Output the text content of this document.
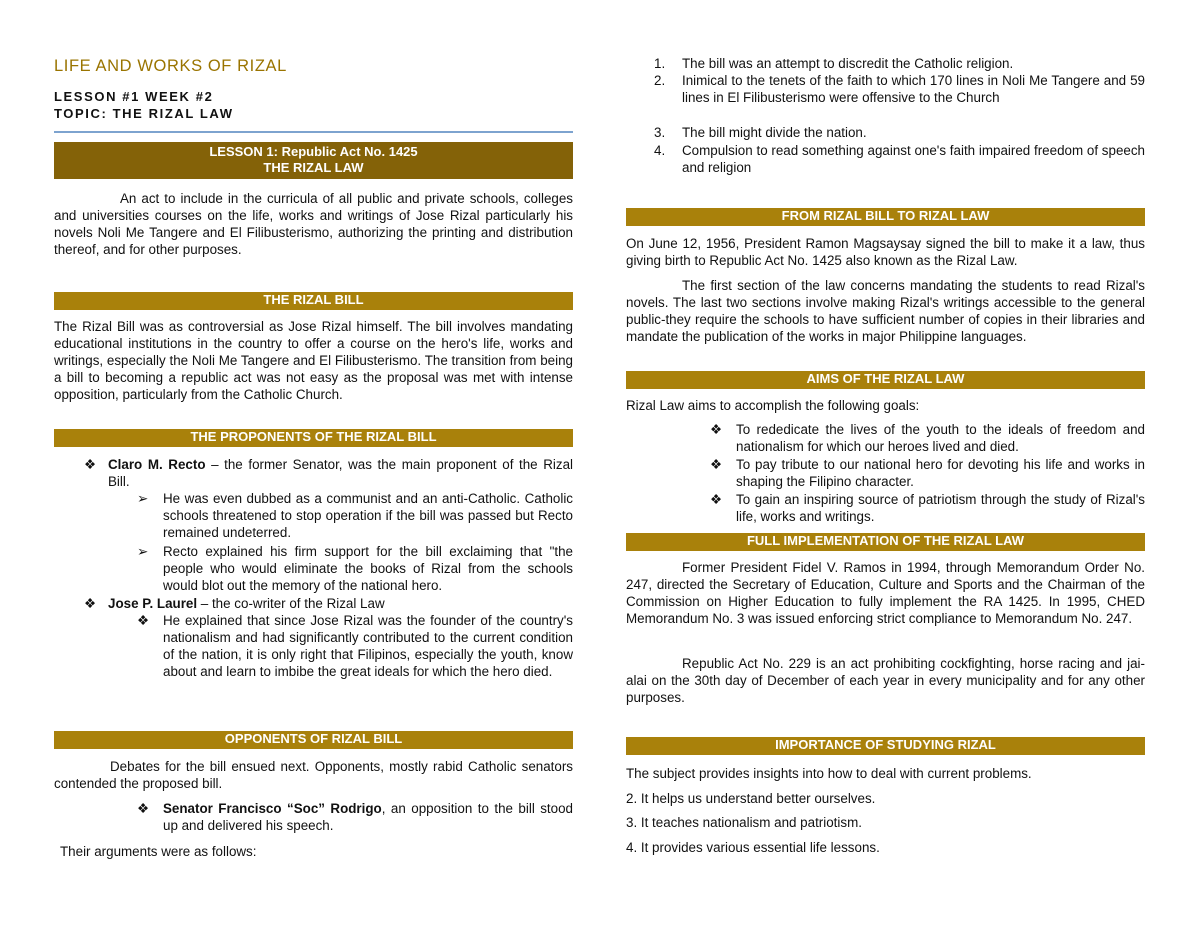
LIFE AND WORKS OF RIZAL
LESSON #1 WEEK #2
TOPIC: THE RIZAL LAW
LESSON 1: Republic Act No. 1425
THE RIZAL LAW
An act to include in the curricula of all public and private schools, colleges and universities courses on the life, works and writings of Jose Rizal particularly his novels Noli Me Tangere and El Filibusterismo, authorizing the printing and distribution thereof, and for other purposes.
THE RIZAL BILL
The Rizal Bill was as controversial as Jose Rizal himself. The bill involves mandating educational institutions in the country to offer a course on the hero's life, works and writings, especially the Noli Me Tangere and El Filibusterismo. The transition from being a bill to becoming a republic act was not easy as the proposal was met with intense opposition, particularly from the Catholic Church.
THE PROPONENTS OF THE RIZAL BILL
❖ Claro M. Recto – the former Senator, was the main proponent of the Rizal Bill.
➢ He was even dubbed as a communist and an anti-Catholic. Catholic schools threatened to stop operation if the bill was passed but Recto remained undeterred.
➢ Recto explained his firm support for the bill exclaiming that "the people who would eliminate the books of Rizal from the schools would blot out the memory of the national hero.
❖ Jose P. Laurel – the co-writer of the Rizal Law
❖ He explained that since Jose Rizal was the founder of the country's nationalism and had significantly contributed to the current condition of the nation, it is only right that Filipinos, especially the youth, know about and learn to imbibe the great ideals for which the hero died.
OPPONENTS OF RIZAL BILL
Debates for the bill ensued next. Opponents, mostly rabid Catholic senators contended the proposed bill.
❖ Senator Francisco “Soc” Rodrigo, an opposition to the bill stood up and delivered his speech.
Their arguments were as follows:
1. The bill was an attempt to discredit the Catholic religion.
2. Inimical to the tenets of the faith to which 170 lines in Noli Me Tangere and 59 lines in El Filibusterismo were offensive to the Church
3. The bill might divide the nation.
4. Compulsion to read something against one's faith impaired freedom of speech and religion
FROM RIZAL BILL TO RIZAL LAW
On June 12, 1956, President Ramon Magsaysay signed the bill to make it a law, thus giving birth to Republic Act No. 1425 also known as the Rizal Law.
The first section of the law concerns mandating the students to read Rizal's novels. The last two sections involve making Rizal's writings accessible to the general public-they require the schools to have sufficient number of copies in their libraries and mandate the publication of the works in major Philippine languages.
AIMS OF THE RIZAL LAW
Rizal Law aims to accomplish the following goals:
❖ To rededicate the lives of the youth to the ideals of freedom and nationalism for which our heroes lived and died.
❖ To pay tribute to our national hero for devoting his life and works in shaping the Filipino character.
❖ To gain an inspiring source of patriotism through the study of Rizal's life, works and writings.
FULL IMPLEMENTATION OF THE RIZAL LAW
Former President Fidel V. Ramos in 1994, through Memorandum Order No. 247, directed the Secretary of Education, Culture and Sports and the Chairman of the Commission on Higher Education to fully implement the RA 1425. In 1995, CHED Memorandum No. 3 was issued enforcing strict compliance to Memorandum No. 247.
Republic Act No. 229 is an act prohibiting cockfighting, horse racing and jai-alai on the 30th day of December of each year in every municipality and for any other purposes.
IMPORTANCE OF STUDYING RIZAL
The subject provides insights into how to deal with current problems.
2. It helps us understand better ourselves.
3. It teaches nationalism and patriotism.
4. It provides various essential life lessons.
